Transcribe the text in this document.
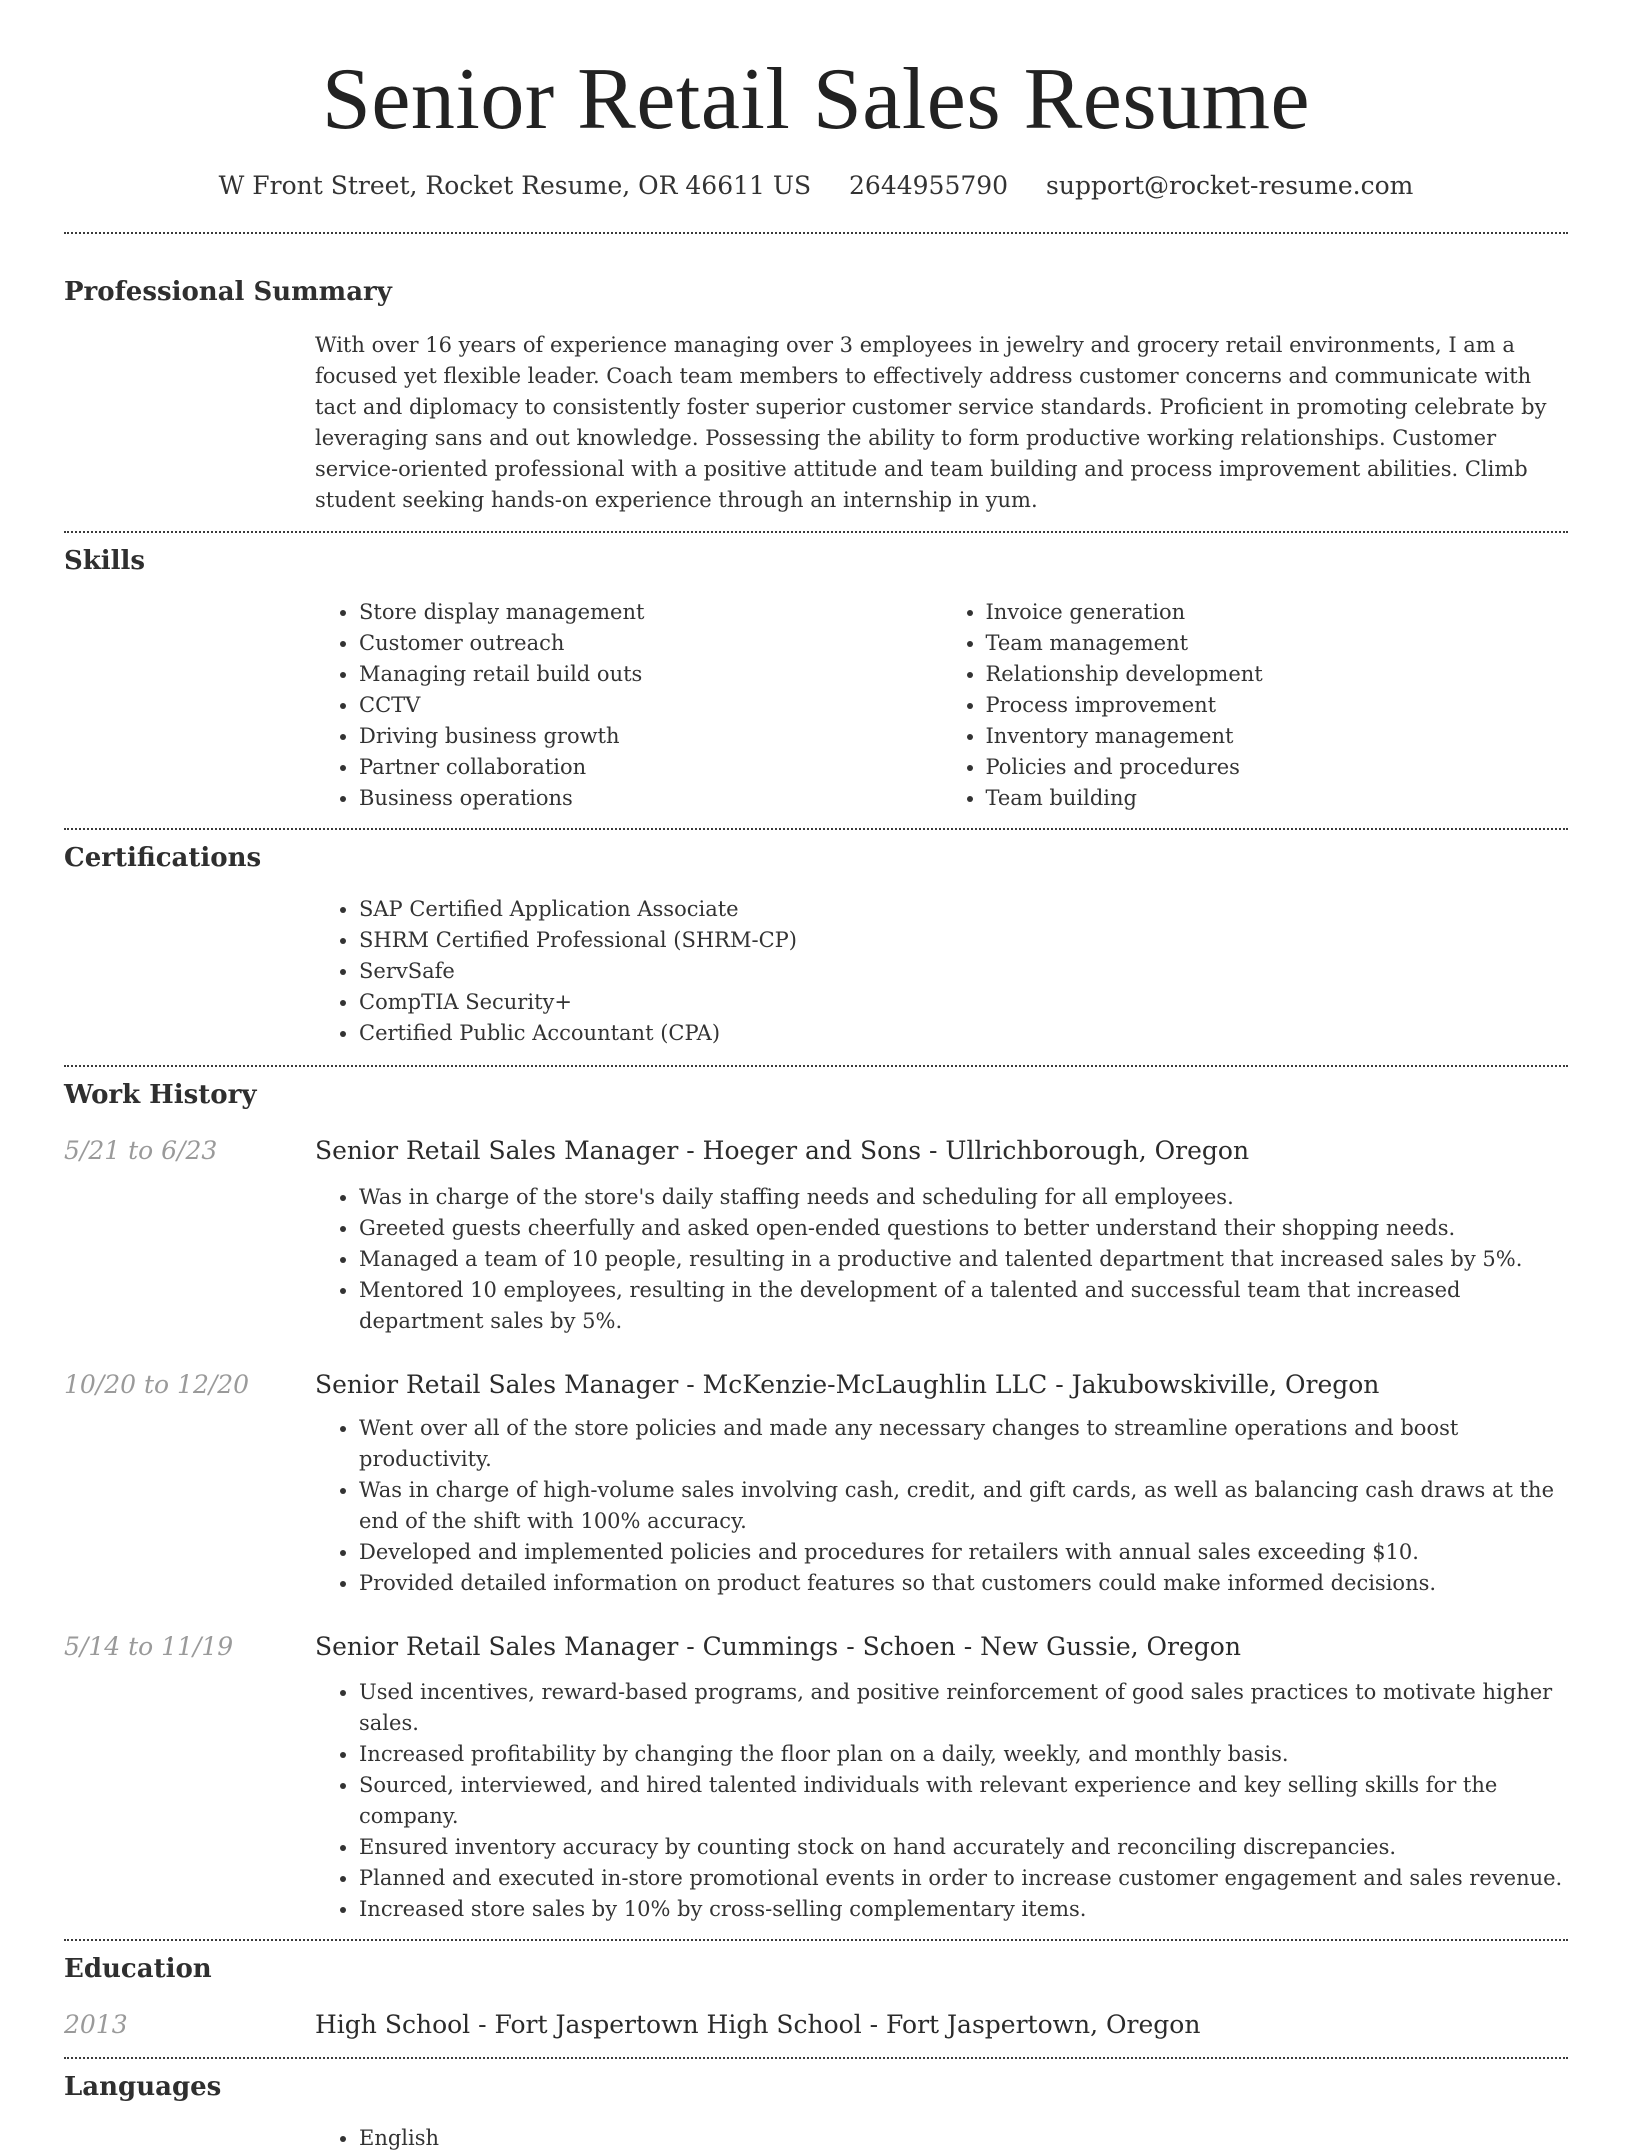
Senior Retail Sales Resume
W Front Street, Rocket Resume, OR 46611 US 2644955790 support@rocket-resume.com
Professional Summary
With over 16 years of experience managing over 3 employees in jewelry and grocery retail environments, I am a focused yet flexible leader. Coach team members to effectively address customer concerns and communicate with tact and diplomacy to consistently foster superior customer service standards. Proficient in promoting celebrate by leveraging sans and out knowledge. Possessing the ability to form productive working relationships. Customer service-oriented professional with a positive attitude and team building and process improvement abilities. Climb student seeking hands-on experience through an internship in yum.
Skills
• Store display management
• Customer outreach
• Managing retail build outs
• CCTV
• Driving business growth
• Partner collaboration
• Business operations
• Invoice generation
• Team management
• Relationship development
• Process improvement
• Inventory management
• Policies and procedures
• Team building
Certifications
• SAP Certified Application Associate
• SHRM Certified Professional (SHRM-CP)
• ServSafe
• CompTIA Security+
• Certified Public Accountant (CPA)
Work History
5/21 to 6/23	Senior Retail Sales Manager - Hoeger and Sons - Ullrichborough, Oregon
• Was in charge of the store's daily staffing needs and scheduling for all employees.
• Greeted guests cheerfully and asked open-ended questions to better understand their shopping needs.
• Managed a team of 10 people, resulting in a productive and talented department that increased sales by 5%.
• Mentored 10 employees, resulting in the development of a talented and successful team that increased department sales by 5%.
10/20 to 12/20	Senior Retail Sales Manager - McKenzie-McLaughlin LLC - Jakubowskiville, Oregon
• Went over all of the store policies and made any necessary changes to streamline operations and boost productivity.
• Was in charge of high-volume sales involving cash, credit, and gift cards, as well as balancing cash draws at the end of the shift with 100% accuracy.
• Developed and implemented policies and procedures for retailers with annual sales exceeding $10.
• Provided detailed information on product features so that customers could make informed decisions.
5/14 to 11/19	Senior Retail Sales Manager - Cummings - Schoen - New Gussie, Oregon
• Used incentives, reward-based programs, and positive reinforcement of good sales practices to motivate higher sales.
• Increased profitability by changing the floor plan on a daily, weekly, and monthly basis.
• Sourced, interviewed, and hired talented individuals with relevant experience and key selling skills for the company.
• Ensured inventory accuracy by counting stock on hand accurately and reconciling discrepancies.
• Planned and executed in-store promotional events in order to increase customer engagement and sales revenue.
• Increased store sales by 10% by cross-selling complementary items.
Education
2013	High School - Fort Jaspertown High School - Fort Jaspertown, Oregon
Languages
• English
